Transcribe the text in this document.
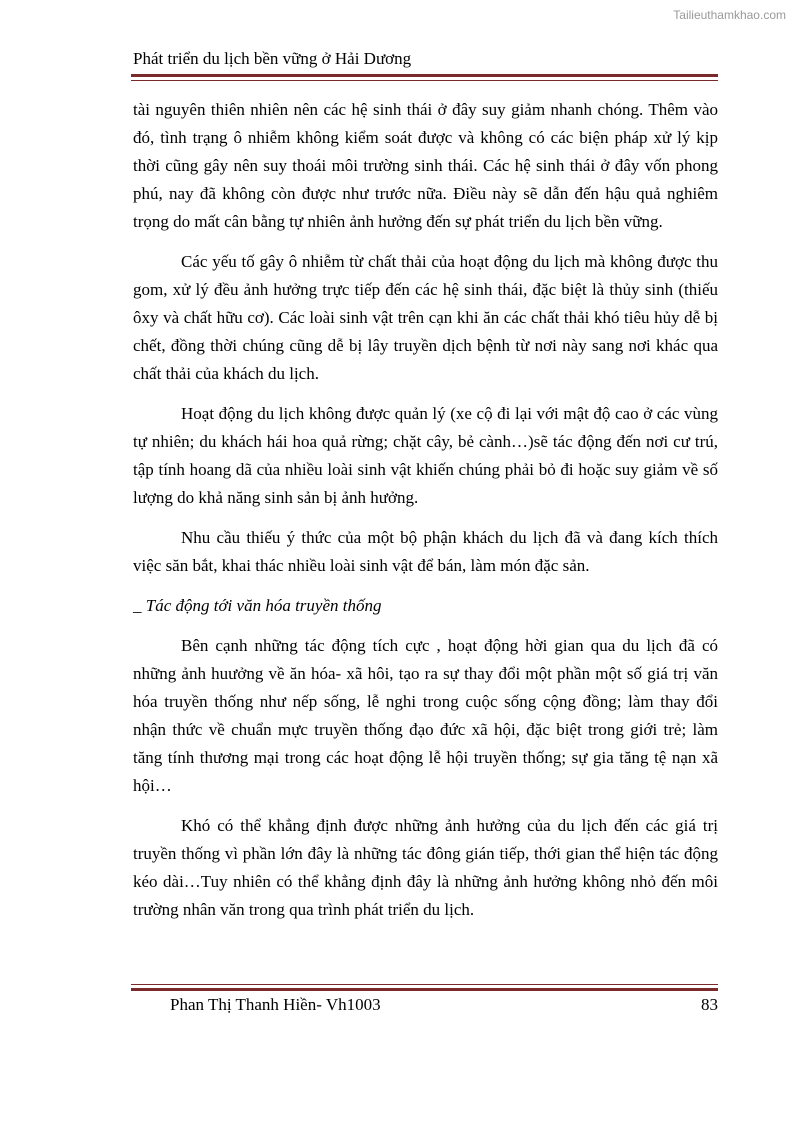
Tailieuthamkhao.com
Phát triển du lịch bền vững ở Hải Dương

tài nguyên thiên nhiên nên các hệ sinh thái ở đây suy giảm nhanh chóng. Thêm vào đó, tình trạng ô nhiễm không kiểm soát được và không có các biện pháp xử lý kịp thời cũng gây nên suy thoái môi trường sinh thái. Các hệ sinh thái ở đây vốn phong phú, nay đã không còn được như trước nữa. Điều này sẽ dẫn đến hậu quả nghiêm trọng do mất cân bằng tự nhiên ảnh hưởng đến sự phát triển du lịch bền vững.

Các yếu tố gây ô nhiễm từ chất thải của hoạt động du lịch mà không được thu gom, xử lý đều ảnh hưởng trực tiếp đến các hệ sinh thái, đặc biệt là thủy sinh (thiếu ôxy và chất hữu cơ). Các loài sinh vật trên cạn khi ăn các chất thải khó tiêu hủy dễ bị chết, đồng thời chúng cũng dễ bị lây truyền dịch bệnh từ nơi này sang nơi khác qua chất thải của khách du lịch.

Hoạt động du lịch không được quản lý (xe cộ đi lại với mật độ cao ở các vùng tự nhiên; du khách hái hoa quả rừng; chặt cây, bẻ cành…)sẽ tác động đến nơi cư trú, tập tính hoang dã của nhiều loài sinh vật khiến chúng phải bỏ đi hoặc suy giảm về số lượng do khả năng sinh sản bị ảnh hưởng.

Nhu cầu thiếu ý thức của một bộ phận khách du lịch đã và đang kích thích việc săn bắt, khai thác nhiều loài sinh vật để bán, làm món đặc sản.

_ Tác động tới văn hóa truyền thống

Bên cạnh những tác động tích cực , hoạt động hời gian qua du lịch đã có những ảnh huưởng về ăn hóa- xã hôi, tạo ra sự thay đổi một phần một số giá trị văn hóa truyền thống như nếp sống, lễ nghi trong cuộc sống cộng đồng; làm thay đổi nhận thức về chuẩn mực truyền thống đạo đức xã hội, đặc biệt trong giới trẻ; làm tăng tính thương mại trong các hoạt động lễ hội truyền thống; sự gia tăng tệ nạn xã hội…

Khó có thể khẳng định được những ảnh hưởng của du lịch đến các giá trị truyền thống vì phần lớn đây là những tác đông gián tiếp, thới gian thể hiện tác động kéo dài…Tuy nhiên có thể khẳng định đây là những ảnh hưởng không nhỏ đến môi trường nhân văn trong qua trình phát triển du lịch.

Phan Thị Thanh Hiền- Vh1003	83
